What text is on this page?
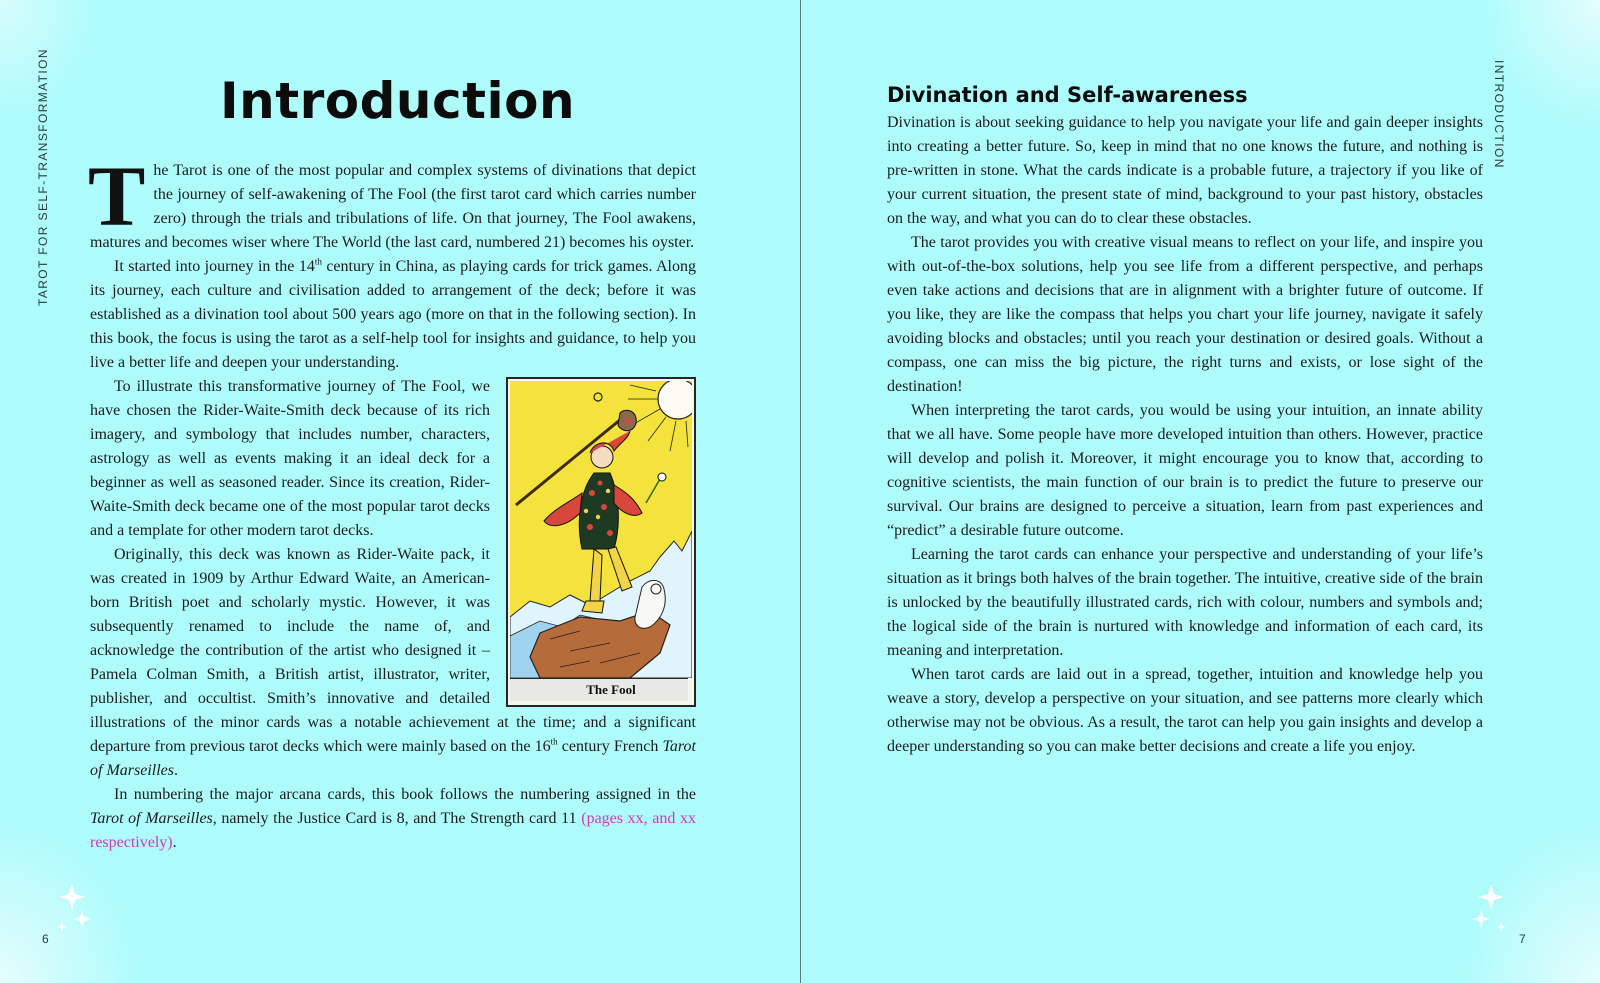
TAROT FOR SELF-TRANSFORMATION	Introduction

The Tarot is one of the most popular and complex systems of divinations that depict the journey of self-awakening of The Fool (the first tarot card which carries number zero) through the trials and tribulations of life. On that journey, The Fool awakens, matures and becomes wiser where The World (the last card, numbered 21) becomes his oyster.

It started into journey in the 14th century in China, as playing cards for trick games. Along its journey, each culture and civilisation added to arrangement of the deck; before it was established as a divination tool about 500 years ago (more on that in the following section). In this book, the focus is using the tarot as a self-help tool for insights and guidance, to help you live a better life and deepen your understanding.

The Fool
To illustrate this transformative journey of The Fool, we have chosen the Rider-Waite-Smith deck because of its rich imagery, and symbology that includes number, characters, astrology as well as events making it an ideal deck for a beginner as well as seasoned reader. Since its creation, Rider-Waite-Smith deck became one of the most popular tarot decks and a template for other modern tarot decks.

Originally, this deck was known as Rider-Waite pack, it was created in 1909 by Arthur Edward Waite, an American-born British poet and scholarly mystic. However, it was subsequently renamed to include the name of, and acknowledge the contribution of the artist who designed it – Pamela Colman Smith, a British artist, illustrator, writer, publisher, and occultist. Smith’s innovative and detailed illustrations of the minor cards was a notable achievement at the time; and a significant departure from previous tarot decks which were mainly based on the 16th century French Tarot of Marseilles.

In numbering the major arcana cards, this book follows the numbering assigned in the Tarot of Marseilles, namely the Justice Card is 8, and The Strength card 11 (pages xx, and xx respectively).

6
INTRODUCTION
Divination and Self-awareness

Divination is about seeking guidance to help you navigate your life and gain deeper insights into creating a better future. So, keep in mind that no one knows the future, and nothing is pre-written in stone. What the cards indicate is a probable future, a trajectory if you like of your current situation, the present state of mind, background to your past history, obstacles on the way, and what you can do to clear these obstacles.

The tarot provides you with creative visual means to reflect on your life, and inspire you with out-of-the-box solutions, help you see life from a different perspective, and perhaps even take actions and decisions that are in alignment with a brighter future of outcome. If you like, they are like the compass that helps you chart your life journey, navigate it safely avoiding blocks and obstacles; until you reach your destination or desired goals. Without a compass, one can miss the big picture, the right turns and exists, or lose sight of the destination!

When interpreting the tarot cards, you would be using your intuition, an innate ability that we all have. Some people have more developed intuition than others. However, practice will develop and polish it. Moreover, it might encourage you to know that, according to cognitive scientists, the main function of our brain is to predict the future to preserve our survival. Our brains are designed to perceive a situation, learn from past experiences and “predict” a desirable future outcome.

Learning the tarot cards can enhance your perspective and understanding of your life’s situation as it brings both halves of the brain together. The intuitive, creative side of the brain is unlocked by the beautifully illustrated cards, rich with colour, numbers and symbols and; the logical side of the brain is nurtured with knowledge and information of each card, its meaning and interpretation.

When tarot cards are laid out in a spread, together, intuition and knowledge help you weave a story, develop a perspective on your situation, and see patterns more clearly which otherwise may not be obvious. As a result, the tarot can help you gain insights and develop a deeper understanding so you can make better decisions and create a life you enjoy.

7
